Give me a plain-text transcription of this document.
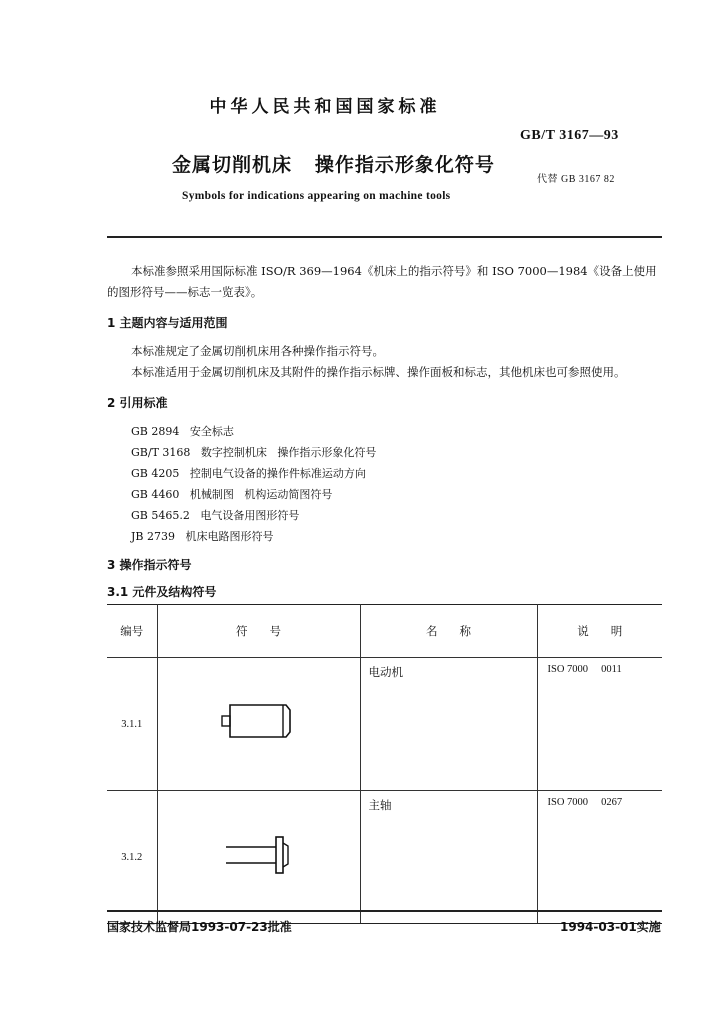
中华人民共和国国家标准
GB/T 3167—93
金属切削机床   操作指示形象化符号
代替 GB 3167 82
Symbols for indications appearing on machine tools
本标准参照采用国际标准 ISO/R 369—1964《机床上的指示符号》和 ISO 7000—1984《设备上使用
的图形符号——标志一览表》。
1 主题内容与适用范围
本标准规定了金属切削机床用各种操作指示符号。
本标准适用于金属切削机床及其附件的操作指示标牌、操作面板和标志，其他机床也可参照使用。
2 引用标准
GB 2894   安全标志
GB/T 3168   数字控制机床   操作指示形象化符号
GB 4205   控制电气设备的操作件标准运动方向
GB 4460   机械制图   机构运动简图符号
GB 5465.2   电气设备用图形符号
JB 2739   机床电路图形符号
3 操作指示符号
3.1 元件及结构符号
编号	符      号	名      称	说      明
3.1.1		电动机	ISO 7000     0011
3.1.2		主轴	ISO 7000     0267
国家技术监督局1993-07-23批准	1994-03-01实施
